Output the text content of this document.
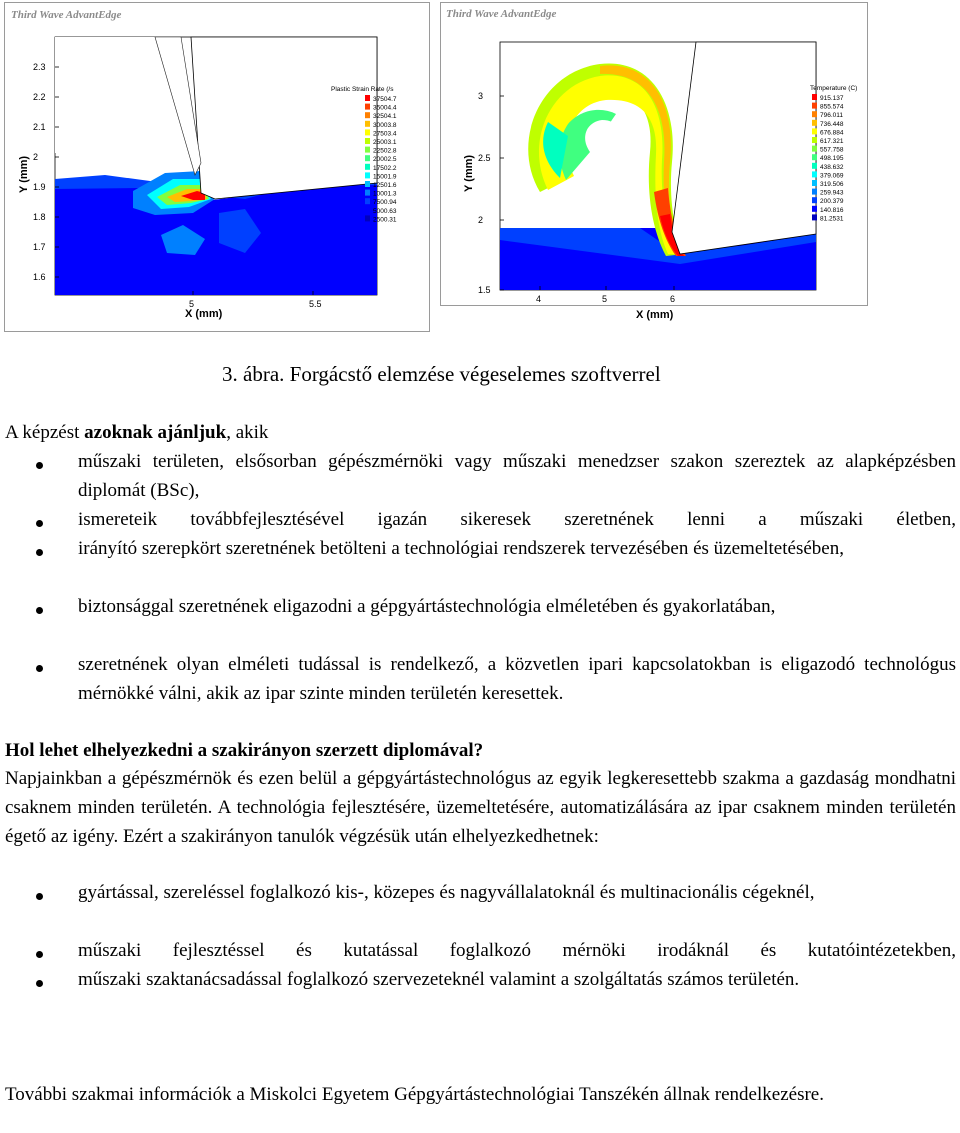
Plastic Strain Rate (/s
37504.7
35004.4
32504.1
30003.8
27503.4
25003.1
22502.8
20002.5
17502.2
15001.9
12501.6
10001.3
7500.94
5000.63
2500.31
2.3
2.2
2.1
2
1.9
1.8
1.7
1.6
5	5.5
X (mm)
Y (mm)
Third Wave AdvantEdge
Temperature (C)
915.137
855.574
796.011
736.448
676.884
617.321
557.758
498.195
438.632
379.069
319.506
259.943
200.379
140.816
81.2531
3
2.5
2
1.5
4	5	6
X (mm)
Y (mm)
Third Wave AdvantEdge
3. ábra. Forgácstő elemzése végeselemes szoftverrel
A képzést azoknak ajánljuk, akik
műszaki területen, elsősorban gépészmérnöki vagy műszaki menedzser szakon szereztek az alapképzésben diplomát (BSc),
ismereteik továbbfejlesztésével igazán sikeresek szeretnének lenni a műszaki életben,
irányító szerepkört szeretnének betölteni a technológiai rendszerek tervezésében és üzemeltetésében,
biztonsággal szeretnének eligazodni a gépgyártástechnológia elméletében és gyakorlatában,
szeretnének olyan elméleti tudással is rendelkező, a közvetlen ipari kapcsolatokban is eligazodó technológus mérnökké válni, akik az ipar szinte minden területén keresettek.
Hol lehet elhelyezkedni a szakirányon szerzett diplomával?
Napjainkban a gépészmérnök és ezen belül a gépgyártástechnológus az egyik legkeresettebb szakma a gazdaság mondhatni csaknem minden területén. A technológia fejlesztésére, üzemeltetésére, automatizálására az ipar csaknem minden területén égető az igény. Ezért a szakirányon tanulók végzésük után elhelyezkedhetnek:
gyártással, szereléssel foglalkozó kis-, közepes és nagyvállalatoknál és multinacionális cégeknél,
műszaki fejlesztéssel és kutatással foglalkozó mérnöki irodáknál és kutatóintézetekben,
műszaki szaktanácsadással foglalkozó szervezeteknél valamint a szolgáltatás számos területén.
További szakmai információk a Miskolci Egyetem Gépgyártástechnológiai Tanszékén állnak rendelkezésre.
